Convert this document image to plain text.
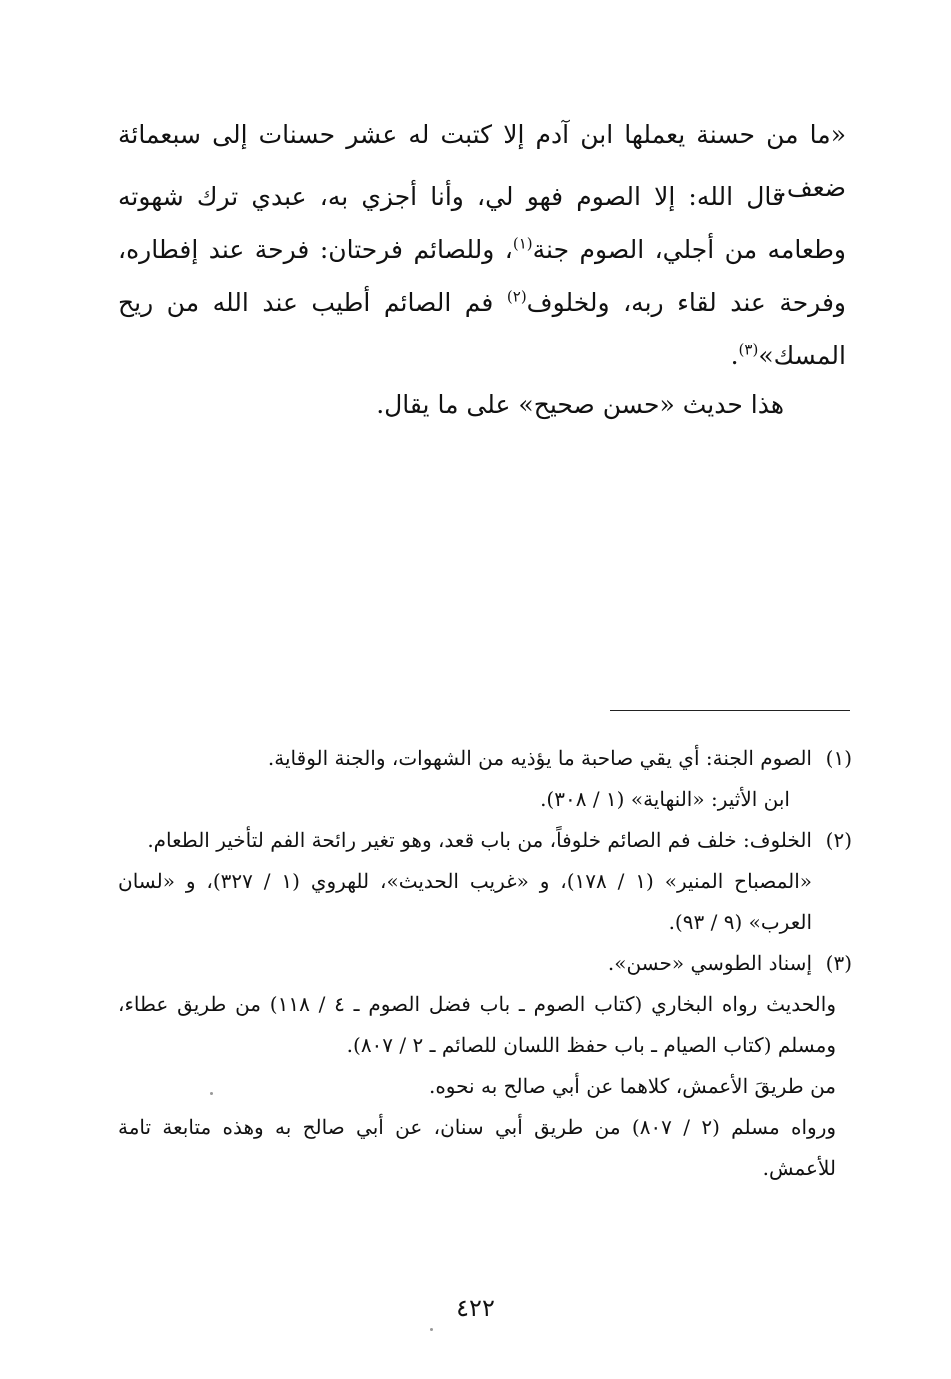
«ما من حسنة يعملها ابن آدم إلا كتبت له عشر حسنات إلى سبعمائة ضعف.

قال الله: إلا الصوم فهو لي، وأنا أجزي به، عبدي ترك شهوته وطعامه من أجلي، الصوم جنة$^{(١)}$، وللصائم فرحتان: فرحة عند إفطاره، وفرحة عند لقاء ربه، ولخلوف$^{(٢)}$ فم الصائم أطيب عند الله من ريح المسك»$^{(٣)}$.

هذا حديث «حسن صحيح» على ما يقال.

(١)
الصوم الجنة: أي يقي صاحبة ما يؤذيه من الشهوات، والجنة الوقاية.
ابن الأثير: «النهاية» (١ / ٣٠٨).
(٢)
الخلوف: خلف فم الصائم خلوفاً، من باب قعد، وهو تغير رائحة الفم لتأخير الطعام.
«المصباح المنير» (١ / ١٧٨)، و «غريب الحديث»، للهروي (١ / ٣٢٧)، و «لسان العرب» (٩ / ٩٣).
(٣)
إسناد الطوسي «حسن».
والحديث رواه البخاري (كتاب الصوم ـ باب فضل الصوم ـ ٤ / ١١٨) من طريق عطاء، ومسلم (كتاب الصيام ـ باب حفظ اللسان للصائم ـ ٢ / ٨٠٧).
من طريقَ الأعمش، كلاهما عن أبي صالح به نحوه.
ورواه مسلم (٢ / ٨٠٧) من طريق أبي سنان، عن أبي صالح به وهذه متابعة تامة للأعمش.
٤٢٢
